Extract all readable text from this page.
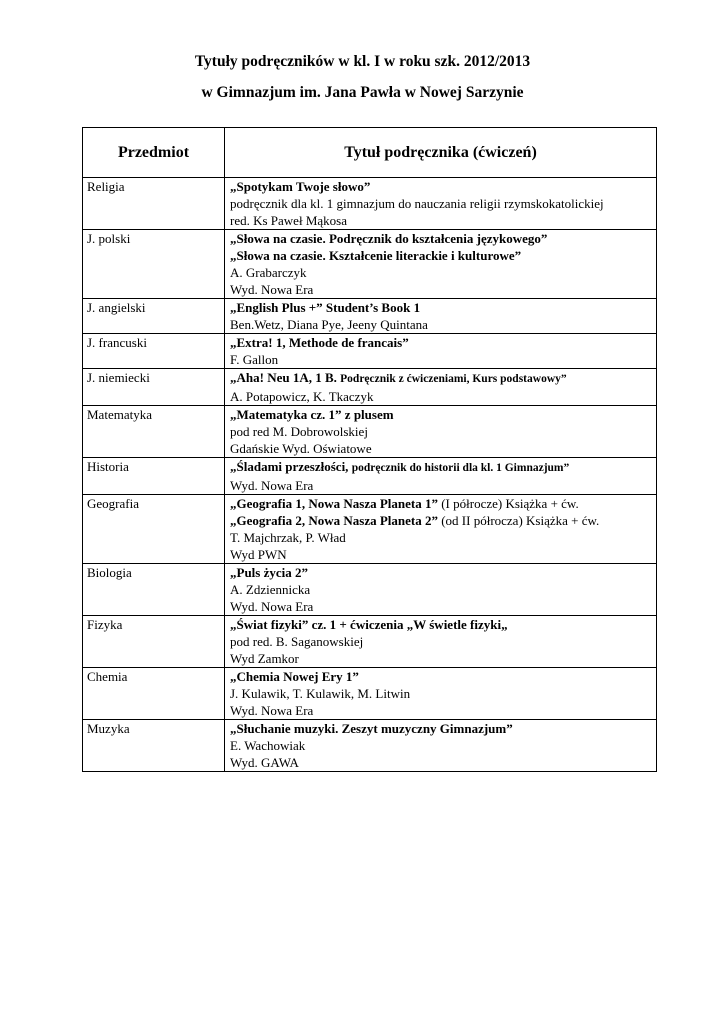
Tytuły podręczników w kl. I w roku szk. 2012/2013
w Gimnazjum im. Jana Pawła w Nowej Sarzynie
Przedmiot	Tytuł podręcznika (ćwiczeń)
Religia	„Spotykam Twoje słowo”
podręcznik dla kl. 1 gimnazjum do nauczania religii rzymskokatolickiej
red. Ks Paweł Mąkosa

J. polski	„Słowa na czasie. Podręcznik do kształcenia językowego”
„Słowa na czasie. Kształcenie literackie i kulturowe”
A. Grabarczyk
Wyd. Nowa Era

J. angielski	„English Plus +” Student’s Book 1
Ben.Wetz, Diana Pye, Jeeny Quintana

J. francuski	„Extra! 1, Methode de francais”
F. Gallon

J. niemiecki	„Aha! Neu 1A, 1 B. Podręcznik z ćwiczeniami, Kurs podstawowy”
A. Potapowicz, K. Tkaczyk

Matematyka	„Matematyka cz. 1” z plusem
pod red M. Dobrowolskiej
Gdańskie Wyd. Oświatowe

Historia	„Śladami przeszłości, podręcznik do historii dla kl. 1 Gimnazjum”
Wyd. Nowa Era

Geografia	„Geografia 1, Nowa Nasza Planeta 1” (I półrocze) Książka + ćw.
„Geografia 2, Nowa Nasza Planeta 2” (od II półrocza) Książka + ćw.
T. Majchrzak, P. Wład
Wyd PWN

Biologia	„Puls życia 2”
A. Zdziennicka
Wyd. Nowa Era

Fizyka	„Świat fizyki” cz. 1 + ćwiczenia „W świetle fizyki„
pod red. B. Saganowskiej
Wyd Zamkor

Chemia	„Chemia Nowej Ery 1”
J. Kulawik, T. Kulawik, M. Litwin
Wyd. Nowa Era

Muzyka	„Słuchanie muzyki. Zeszyt muzyczny Gimnazjum”
E. Wachowiak
Wyd. GAWA
